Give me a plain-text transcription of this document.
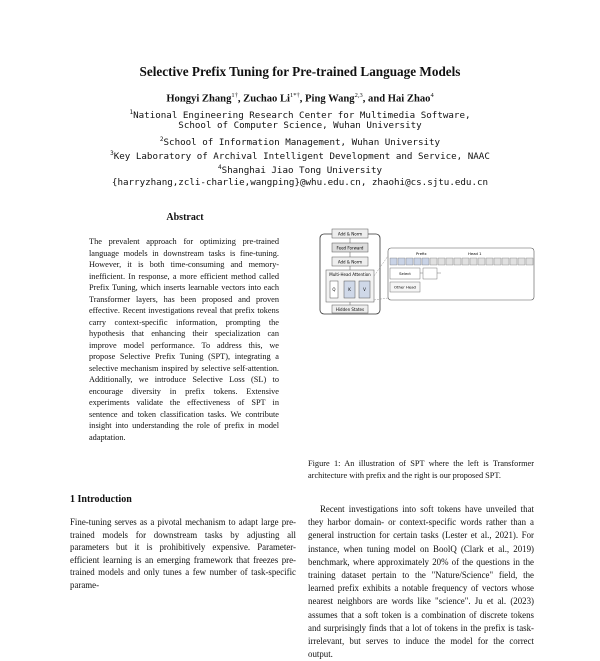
Selective Prefix Tuning for Pre-trained Language Models
Hongyi Zhang$^{1\dagger}$, Zuchao $Li^{1*\dagger}$, Ping Wang$^{2,3}$, and Hai Zhao$^4$
$^1$National Engineering Research Center for Multimedia Software,
School of Computer Science, Wuhan University
$^2$School of Information Management, Wuhan University
$^3$Key Laboratory of Archival Intelligent Development and Service, NAAC
$^4$Shanghai Jiao Tong University
{harryzhang,zcli-charlie,wangping}@whu.edu.cn, zhaohi@cs.sjtu.edu.cn
Abstract

The prevalent approach for optimizing pre-trained language models in downstream tasks is fine-tuning. However, it is both time-consuming and memory-inefficient. In response, a more efficient method called Prefix Tuning, which inserts learnable vectors into each Transformer layers, has been proposed and proven effective. Recent investigations reveal that prefix tokens carry context-specific information, prompting the hypothesis that enhancing their specialization can improve model performance. To address this, we propose Selective Prefix Tuning (SPT), integrating a selective mechanism inspired by selective self-attention. Additionally, we introduce Selective Loss (SL) to encourage diversity in prefix tokens. Extensive experiments validate the effectiveness of SPT in sentence and token classification tasks. We contribute insight into understanding the role of prefix in model adaptation.

1 Introduction

Fine-tuning serves as a pivotal mechanism to adapt large pre-trained models for downstream tasks by adjusting all parameters but it is prohibitively expensive. Parameter-efficient learning is an emerging framework that freezes pre-trained models and only tunes a few number of task-specific parame-

Add & Norm
Feed Forward
Add & Norm
Multi-Head Attention
Q	K	V
Hidden States
Prefix	Head 1
Select
Other Head

Figure 1: An illustration of SPT where the left is Transformer architecture with prefix and the right is our proposed SPT.

Recent investigations into soft tokens have unveiled that they harbor domain- or context-specific words rather than a general instruction for certain tasks (Lester et al., 2021). For instance, when tuning model on BoolQ (Clark et al., 2019) benchmark, where approximately 20% of the questions in the training dataset pertain to the "Nature/Science" field, the learned prefix exhibits a notable frequency of vectors whose nearest neighbors are words like "science". Ju et al. (2023) assumes that a soft token is a combination of discrete tokens and surprisingly finds that a lot of tokens in the prefix is task-irrelevant, but serves to induce the model for the correct output.
